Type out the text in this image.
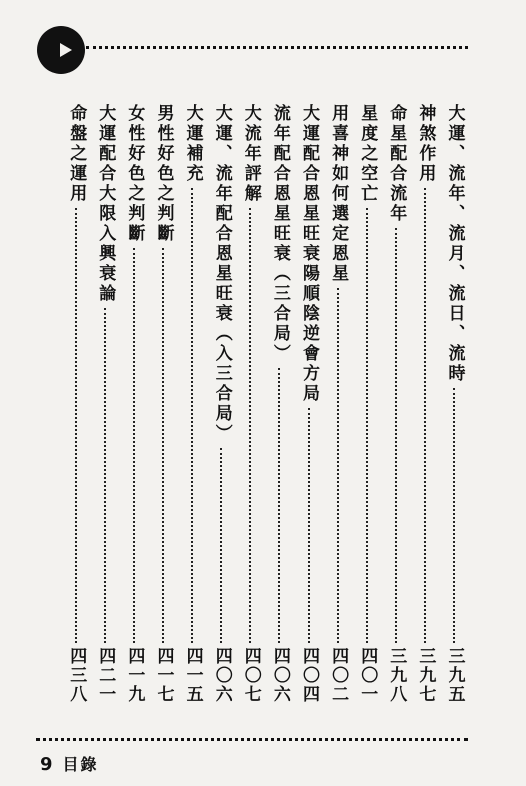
大運、流年、流月、流日、流時
三九五
神煞作用
三九七
命星配合流年
三九八
星度之空亡
四〇一
用喜神如何選定恩星
四〇二
大運配合恩星旺衰陽順陰逆會方局
四〇四
流年配合恩星旺衰（三合局）
四〇六
大流年評解
四〇七
大運、流年配合恩星旺衰（入三合局）
四〇六
大運補充
四一五
男性好色之判斷
四一七
女性好色之判斷
四一九
大運配合大限入興衰論
四二一
命盤之運用
四三八
9 目錄
